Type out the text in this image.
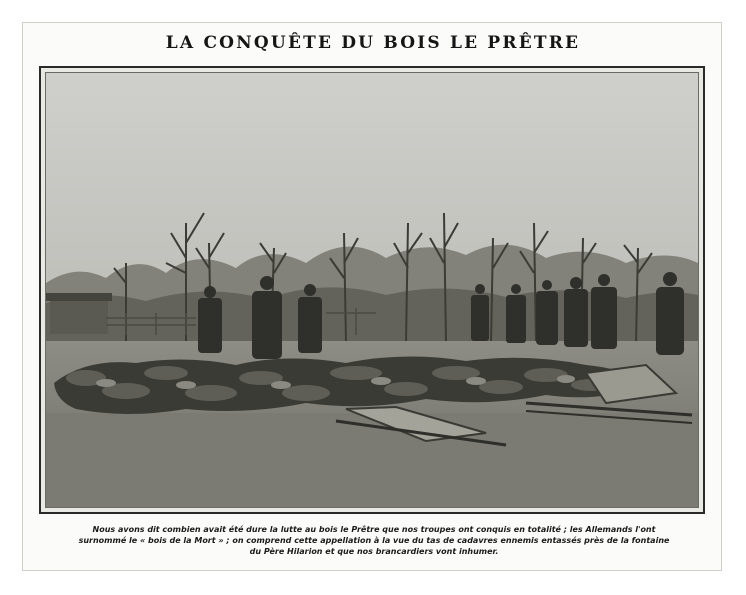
LA CONQUÊTE DU BOIS LE PRÊTRE
Nous avons dit combien avait été dure la lutte au bois le Prêtre que nos troupes ont conquis en totalité ; les Allemands l'ont
surnommé le « bois de la Mort » ; on comprend cette appellation à la vue du tas de cadavres ennemis entassés près de la fontaine
du Père Hilarion et que nos brancardiers vont inhumer.
